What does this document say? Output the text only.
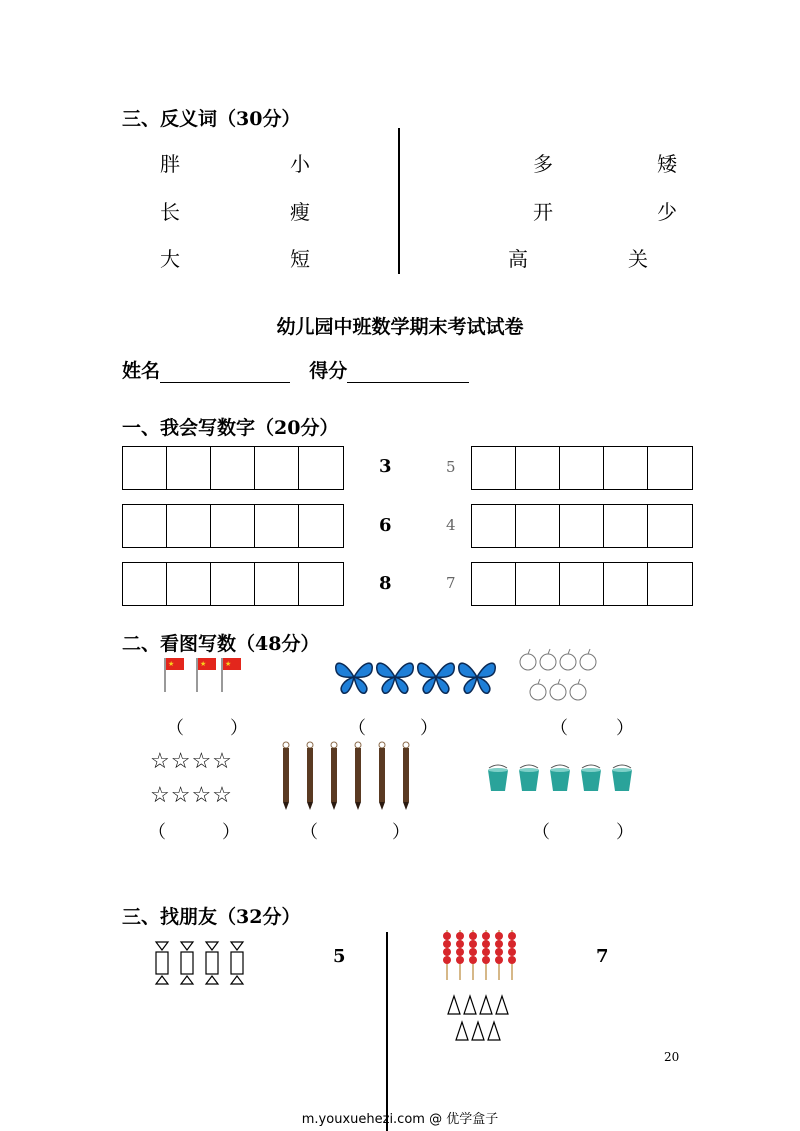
三、反义词（30分）
胖	小
长	瘦
大	短
多	矮
开	少
高	关
幼儿园中班数学期末考试试卷
姓名	得分
一、我会写数字（20分）
3	5
6	4
8	7
二、看图写数（48分）
★	★	★
（	）	（	）	（	）
☆☆☆☆
☆☆☆☆
（	）	（	）	（	）
三、找朋友（32分）
5	7
20
m.youxuehezi.com @ 优学盒子
